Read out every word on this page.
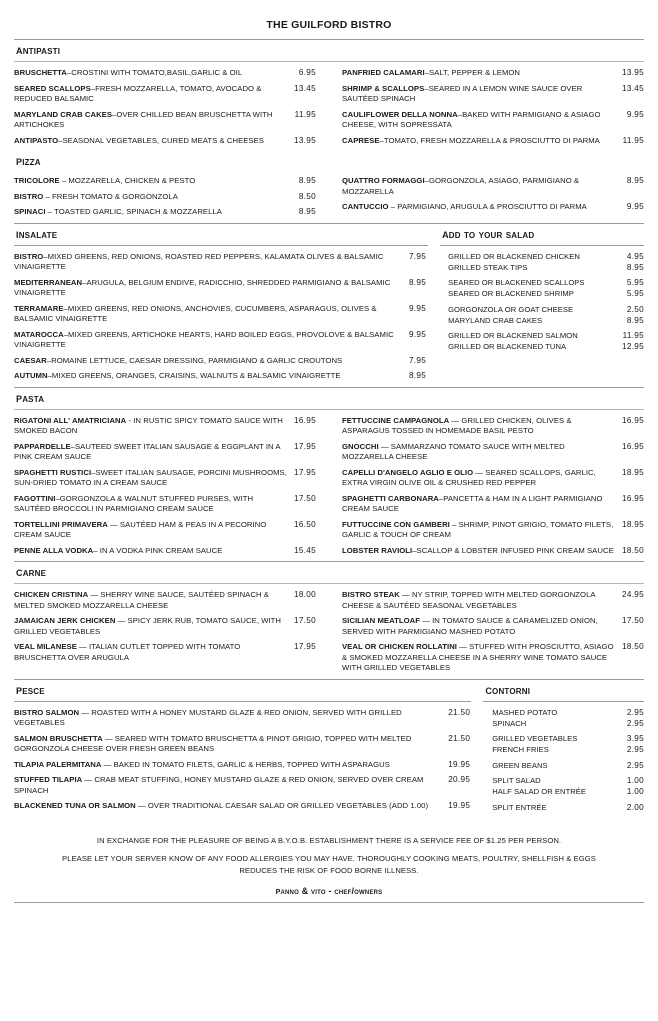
THE GUILFORD BISTRO
antipasti
BRUSCHETTA–CROSTINI WITH TOMATO,BASIL,GARLIC & OIL	6.95
SEARED SCALLOPS–FRESH MOZZARELLA, TOMATO, AVOCADO & REDUCED BALSAMIC
13.45
MARYLAND CRAB CAKES–OVER CHILLED BEAN BRUSCHETTA WITH ARTICHOKES
11.95
ANTIPASTO–SEASONAL VEGETABLES, CURED MEATS & CHEESES	13.95
PANFRIED CALAMARI–SALT, PEPPER & LEMON	13.95
SHRIMP & SCALLOPS–SEARED IN A LEMON WINE SAUCE OVER SAUTÉED SPINACH
13.45
CAULIFLOWER DELLA NONNA–BAKED WITH PARMIGIANO & ASIAGO CHEESE, WITH SOPRESSATA
9.95
CAPRESE–TOMATO, FRESH MOZZARELLA & PROSCIUTTO DI PARMA	11.95
pizza
TRICOLORE – MOZZARELLA, CHICKEN & PESTO	8.95
BISTRO – FRESH TOMATO & GORGONZOLA	8.50
SPINACI – TOASTED GARLIC, SPINACH & MOZZARELLA	8.95
QUATTRO FORMAGGI–GORGONZOLA, ASIAGO, PARMIGIANO & MOZZARELLA
8.95
CANTUCCIO – PARMIGIANO, ARUGULA & PROSCIUTTO DI PARMA	9.95
insalate	add to your salad
BISTRO–MIXED GREENS, RED ONIONS, ROASTED RED PEPPERS, KALAMATA OLIVES & BALSAMIC VINAIGRETTE
7.95
MEDITERRANEAN–ARUGULA, BELGIUM ENDIVE, RADICCHIO, SHREDDED PARMIGIANO & BALSAMIC VINAIGRETTE
8.95
TERRAMARE–MIXED GREENS, RED ONIONS, ANCHOVIES, CUCUMBERS, ASPARAGUS, OLIVES & BALSAMIC VINAIGRETTE
9.95
MATAROCCA–MIXED GREENS, ARTICHOKE HEARTS, HARD BOILED EGGS, PROVOLOVE & BALSAMIC VINAIGRETTE
9.95
CAESAR–ROMAINE LETTUCE, CAESAR DRESSING, PARMIGIANO & GARLIC CROUTONS	7.95
AUTUMN–MIXED GREENS, ORANGES, CRAISINS, WALNUTS & BALSAMIC VINAIGRETTE	8.95
GRILLED OR BLACKENED CHICKEN	4.95
GRILLED STEAK TIPS	8.95
SEARED OR BLACKENED SCALLOPS	5.95
SEARED OR BLACKENED SHRIMP	5.95
GORGONZOLA OR GOAT CHEESE	2.50
MARYLAND CRAB CAKES	8.95
GRILLED OR BLACKENED SALMON	11.95
GRILLED OR BLACKENED TUNA	12.95
pasta
RIGATONI ALL' AMATRICIANA - IN RUSTIC SPICY TOMATO SAUCE WITH SMOKED BACON
16.95
PAPPARDELLE–SAUTEED SWEET ITALIAN SAUSAGE & EGGPLANT IN A PINK CREAM SAUCE
17.95
SPAGHETTI RUSTICI–SWEET ITALIAN SAUSAGE, PORCINI MUSHROOMS, SUN-DRIED TOMATO IN A CREAM SAUCE
17.95
FAGOTTINI–GORGONZOLA & WALNUT STUFFED PURSES, WITH SAUTÉED BROCCOLI IN PARMIGIANO CREAM SAUCE
17.50
TORTELLINI PRIMAVERA — SAUTÉED HAM & PEAS IN A PECORINO CREAM SAUCE
16.50
PENNE ALLA VODKA– IN A VODKA PINK CREAM SAUCE	15.45
FETTUCCINE CAMPAGNOLA — GRILLED CHICKEN, OLIVES & ASPARAGUS TOSSED IN HOMEMADE BASIL PESTO
16.95
GNOCCHI — SAMMARZANO TOMATO SAUCE WITH MELTED MOZZARELLA CHEESE
16.95
CAPELLI D'ANGELO AGLIO E OLIO — SEARED SCALLOPS, GARLIC, EXTRA VIRGIN OLIVE OIL & CRUSHED RED PEPPER
18.95
SPAGHETTI CARBONARA–PANCETTA & HAM IN A LIGHT PARMIGIANO CREAM SAUCE
16.95
FUTTUCCINE CON GAMBERI – SHRIMP, PINOT GRIGIO, TOMATO FILETS, GARLIC & TOUCH OF CREAM
18.95
LOBSTER RAVIOLI–SCALLOP & LOBSTER INFUSED PINK CREAM SAUCE	18.50
carne
CHICKEN CRISTINA — SHERRY WINE SAUCE, SAUTÉED SPINACH & MELTED SMOKED MOZZARELLA CHEESE
18.00
JAMAICAN JERK CHICKEN — SPICY JERK RUB, TOMATO SAUCE, WITH GRILLED VEGETABLES
17.50
VEAL MILANESE — ITALIAN CUTLET TOPPED WITH TOMATO BRUSCHETTA OVER ARUGULA
17.95
BISTRO STEAK — NY STRIP, TOPPED WITH MELTED GORGONZOLA CHEESE & SAUTÉED SEASONAL VEGETABLES
24.95
SICILIAN MEATLOAF — IN TOMATO SAUCE & CARAMELIZED ONION, SERVED WITH PARMIGIANO MASHED POTATO
17.50
VEAL OR CHICKEN ROLLATINI — STUFFED WITH PROSCIUTTO, ASIAGO & SMOKED MOZZARELLA CHEESE IN A SHERRY WINE TOMATO SAUCE WITH GRILLED VEGETABLES
18.50
pesce	contorni
BISTRO SALMON — ROASTED WITH A HONEY MUSTARD GLAZE & RED ONION, SERVED WITH GRILLED VEGETABLES
21.50
SALMON BRUSCHETTA — SEARED WITH TOMATO BRUSCHETTA & PINOT GRIGIO, TOPPED WITH MELTED GORGONZOLA CHEESE OVER FRESH GREEN BEANS
21.50
TILAPIA PALERMITANA — BAKED IN TOMATO FILETS, GARLIC & HERBS, TOPPED WITH ASPARAGUS	19.95
STUFFED TILAPIA — CRAB MEAT STUFFING, HONEY MUSTARD GLAZE & RED ONION, SERVED OVER CREAM SPINACH
20.95
BLACKENED TUNA OR SALMON — OVER TRADITIONAL CAESAR SALAD OR GRILLED VEGETABLES (ADD 1.00)	19.95
MASHED POTATO	2.95
SPINACH	2.95
GRILLED VEGETABLES	3.95
FRENCH FRIES	2.95
GREEN BEANS	2.95
SPLIT SALAD	1.00
HALF SALAD OR ENTRÉE	1.00
SPLIT ENTRÉE	2.00
IN EXCHANGE FOR THE PLEASURE OF BEING A B.Y.O.B. ESTABLISHMENT THERE IS A SERVICE FEE OF $1.25 PER PERSON.
PLEASE LET YOUR SERVER KNOW OF ANY FOOD ALLERGIES YOU MAY HAVE. THOROUGHLY COOKING MEATS, POULTRY, SHELLFISH & EGGS
REDUCES THE RISK OF FOOD BORNE ILLNESS.
panno & vito - chef/owners
